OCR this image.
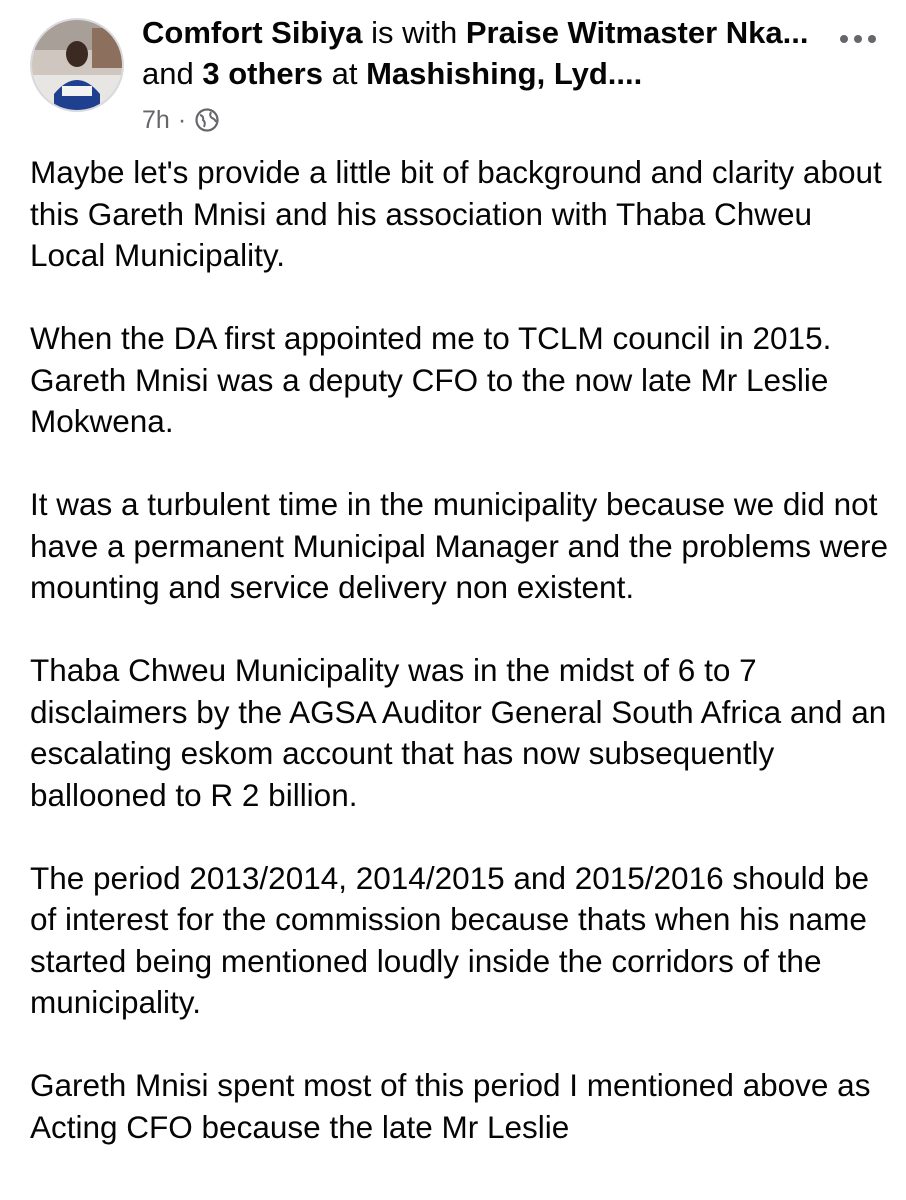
Comfort Sibiya is with Praise Witmaster Nka... and 3 others at Mashishing, Lyd....
7h ·

Maybe let's provide a little bit of background and clarity about this Gareth Mnisi and his association with Thaba Chweu Local Municipality.

When the DA first appointed me to TCLM council in 2015. Gareth Mnisi was a deputy CFO to the now late Mr Leslie Mokwena.

It was a turbulent time in the municipality because we did not have a permanent Municipal Manager and the problems were mounting and service delivery non existent.

Thaba Chweu Municipality was in the midst of 6 to 7 disclaimers by the AGSA Auditor General South Africa and an escalating eskom account that has now subsequently ballooned to R 2 billion.

The period 2013/2014, 2014/2015 and 2015/2016 should be of interest for the commission because thats when his name started being mentioned loudly inside the corridors of the municipality.

Gareth Mnisi spent most of this period I mentioned above as Acting CFO because the late Mr Leslie
